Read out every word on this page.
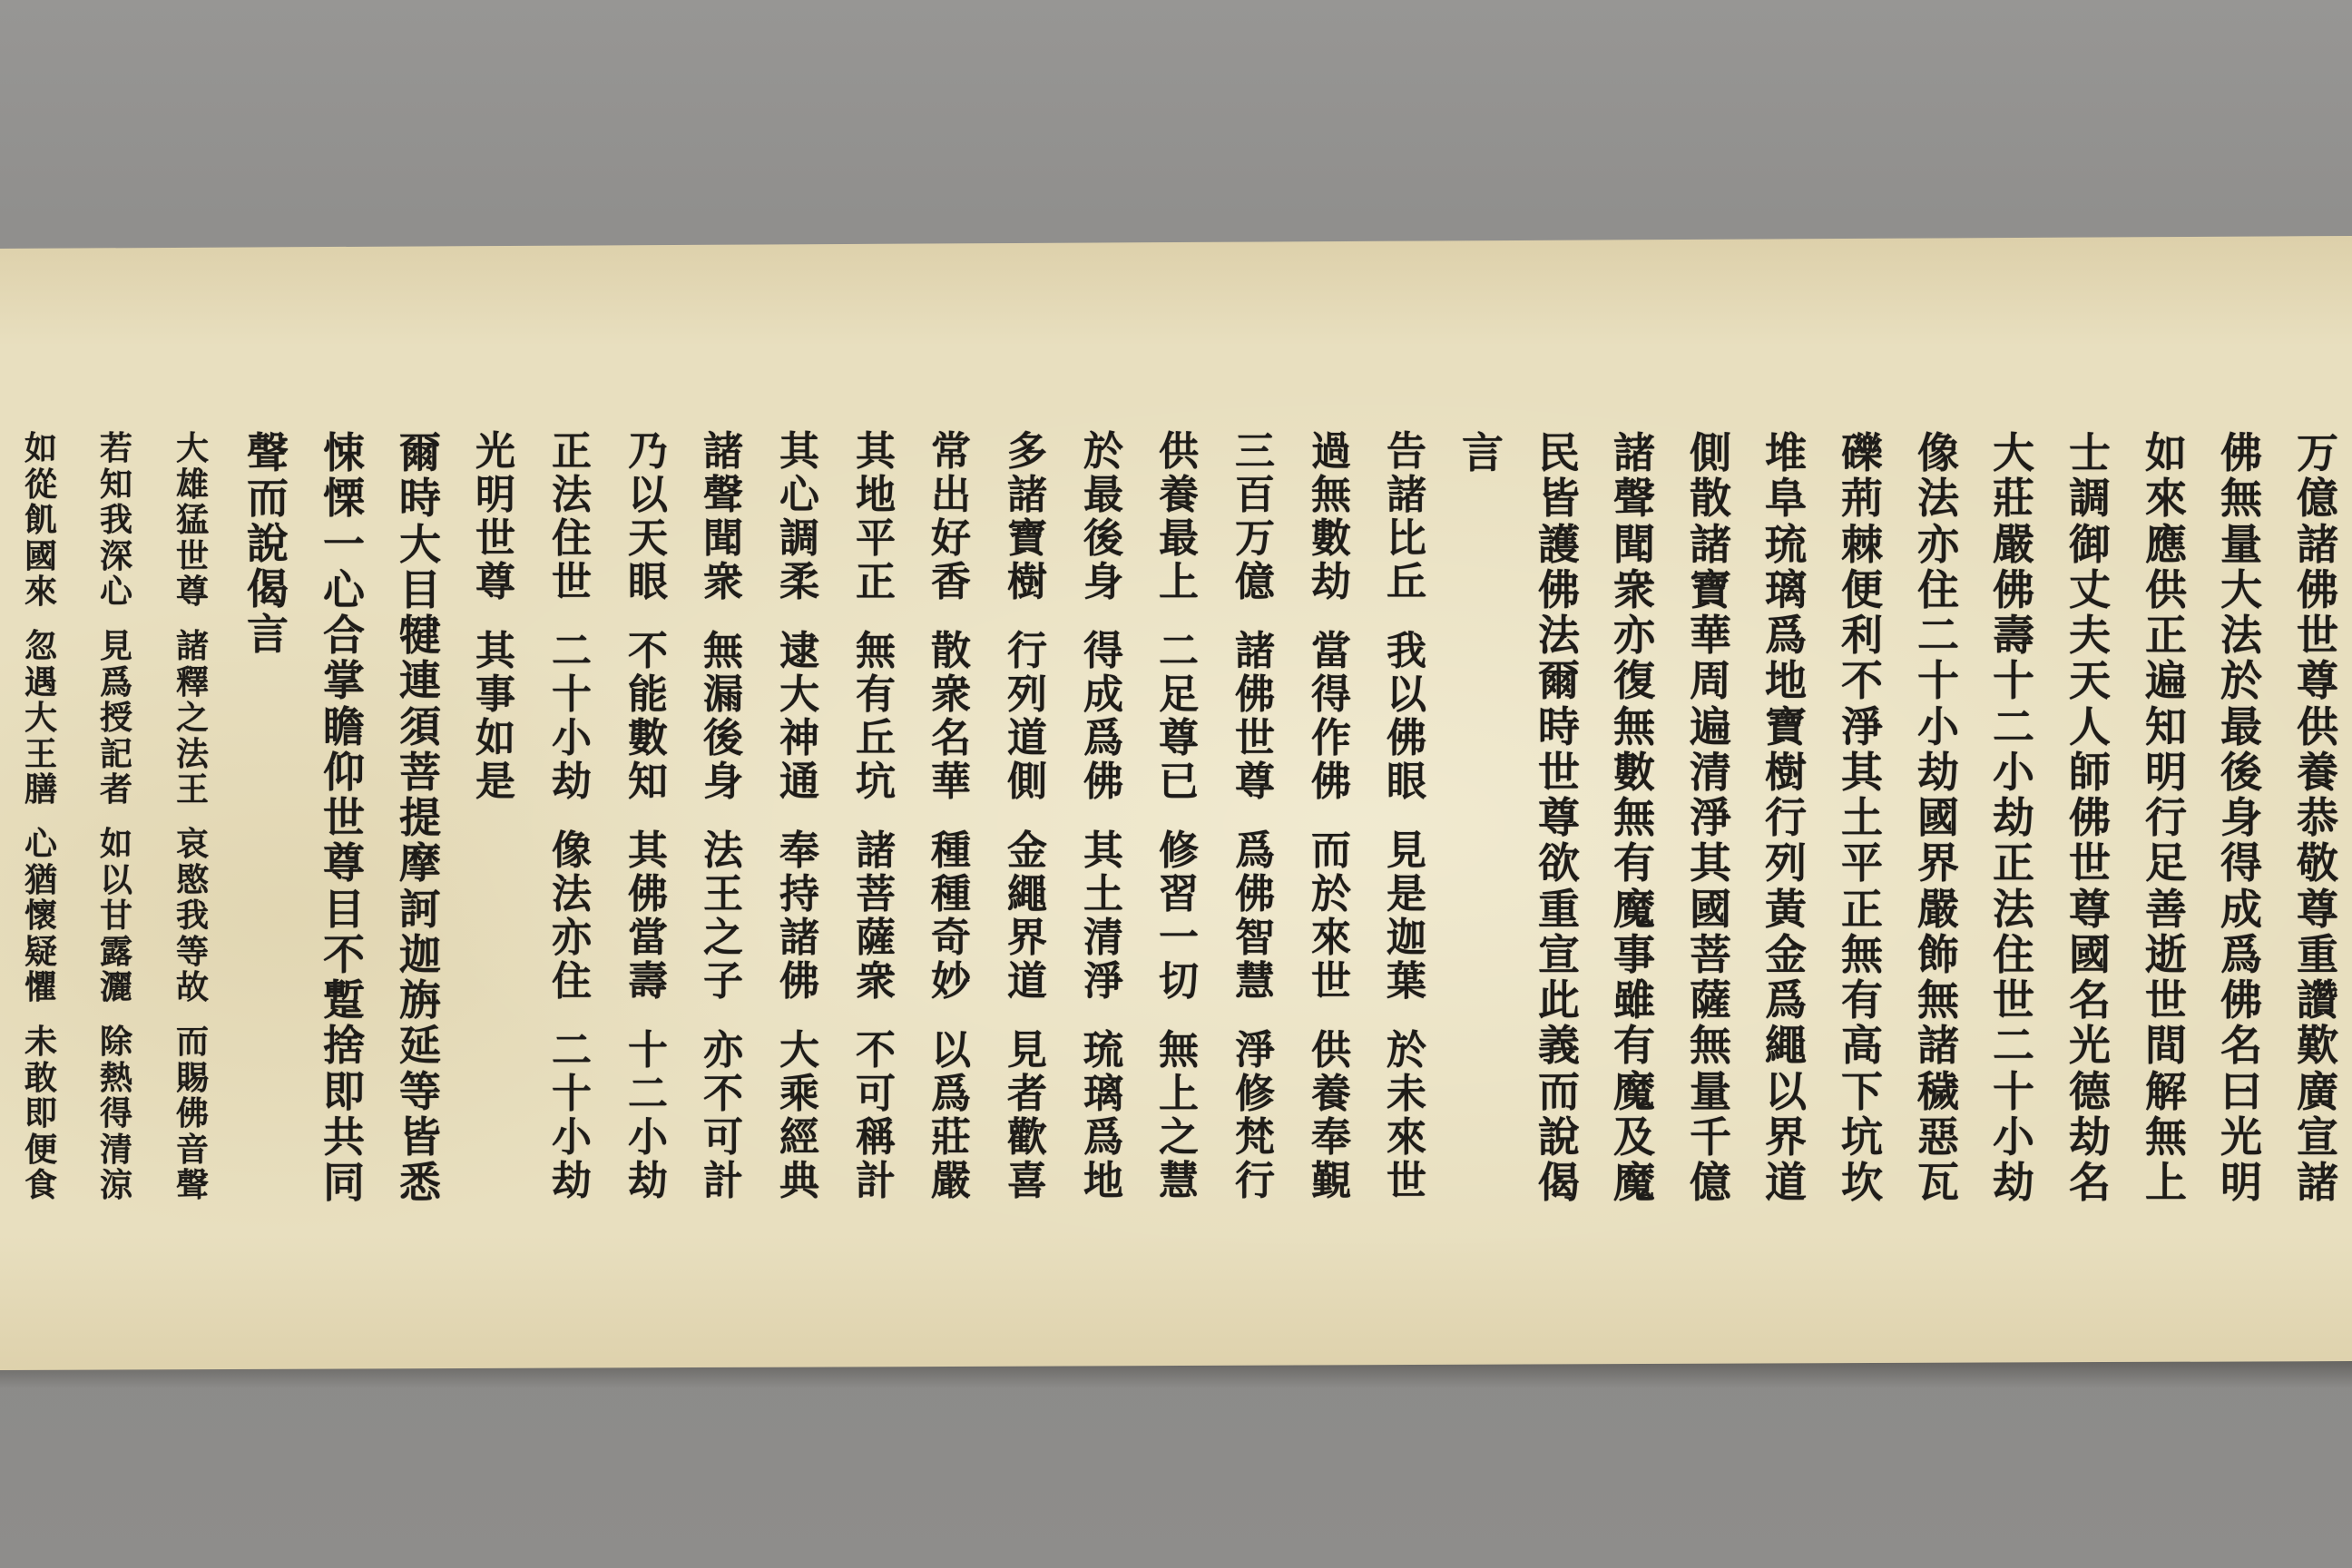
万
億
諸
佛
世
尊
供
養
恭
敬
尊
重
讚
歎
廣
宣
諸
佛
無
量
大
法
於
最
後
身
得
成
爲
佛
名
曰
光
明
如
來
應
供
正
遍
知
明
行
足
善
逝
世
間
解
無
上
士
調
御
丈
夫
天
人
師
佛
世
尊
國
名
光
德
劫
名
大
莊
嚴
佛
壽
十
二
小
劫
正
法
住
世
二
十
小
劫
像
法
亦
住
二
十
小
劫
國
界
嚴
飾
無
諸
穢
惡
瓦
礫
荊
棘
便
利
不
淨
其
土
平
正
無
有
高
下
坑
坎
堆
阜
琉
璃
爲
地
寶
樹
行
列
黃
金
爲
繩
以
界
道
側
散
諸
寶
華
周
遍
清
淨
其
國
菩
薩
無
量
千
億
諸
聲
聞
衆
亦
復
無
數
無
有
魔
事
雖
有
魔
及
魔
民
皆
護
佛
法
爾
時
世
尊
欲
重
宣
此
義
而
說
偈
言
告
諸
比
丘
我
以
佛
眼
見
是
迦
葉
於
未
來
世
過
無
數
劫
當
得
作
佛
而
於
來
世
供
養
奉
覲
三
百
万
億
諸
佛
世
尊
爲
佛
智
慧
淨
修
梵
行
供
養
最
上
二
足
尊
已
修
習
一
切
無
上
之
慧
於
最
後
身
得
成
爲
佛
其
土
清
淨
琉
璃
爲
地
多
諸
寶
樹
行
列
道
側
金
繩
界
道
見
者
歡
喜
常
出
好
香
散
衆
名
華
種
種
奇
妙
以
爲
莊
嚴
其
地
平
正
無
有
丘
坑
諸
菩
薩
衆
不
可
稱
計
其
心
調
柔
逮
大
神
通
奉
持
諸
佛
大
乘
經
典
諸
聲
聞
衆
無
漏
後
身
法
王
之
子
亦
不
可
計
乃
以
天
眼
不
能
數
知
其
佛
當
壽
十
二
小
劫
正
法
住
世
二
十
小
劫
像
法
亦
住
二
十
小
劫
光
明
世
尊
其
事
如
是
爾
時
大
目
犍
連
須
菩
提
摩
訶
迦
旃
延
等
皆
悉
悚
慄
一
心
合
掌
瞻
仰
世
尊
目
不
蹔
捨
即
共
同
聲
而
說
偈
言
大
雄
猛
世
尊
諸
釋
之
法
王
哀
愍
我
等
故
而
賜
佛
音
聲
若
知
我
深
心
見
爲
授
記
者
如
以
甘
露
灑
除
熱
得
清
涼
如
從
飢
國
來
忽
遇
大
王
膳
心
猶
懷
疑
懼
未
敢
即
便
食
